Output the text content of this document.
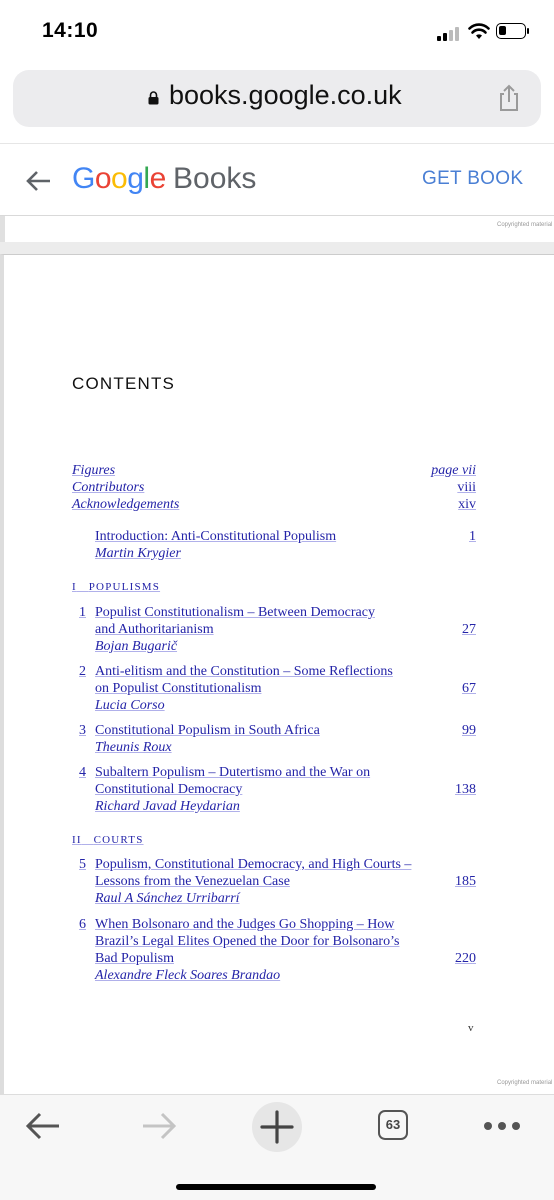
14:10
books.google.co.uk
Google Books	GET BOOK
Copyrighted material
CONTENTS
Figures	page vii
Contributors	viii
Acknowledgements	xiv
Introduction: Anti-Constitutional Populism	1
Martin Krygier
I POPULISMS
1 Populist Constitutionalism – Between Democracy
and Authoritarianism	27
Bojan Bugarič
2 Anti-elitism and the Constitution – Some Reflections
on Populist Constitutionalism	67
Lucia Corso
3 Constitutional Populism in South Africa	99
Theunis Roux
4 Subaltern Populism – Dutertismo and the War on
Constitutional Democracy	138
Richard Javad Heydarian
II COURTS
5 Populism, Constitutional Democracy, and High Courts –
Lessons from the Venezuelan Case	185
Raul A Sánchez Urribarrí
6 When Bolsonaro and the Judges Go Shopping – How
Brazil’s Legal Elites Opened the Door for Bolsonaro’s
Bad Populism	220
Alexandre Fleck Soares Brandao
v
Copyrighted material
63
